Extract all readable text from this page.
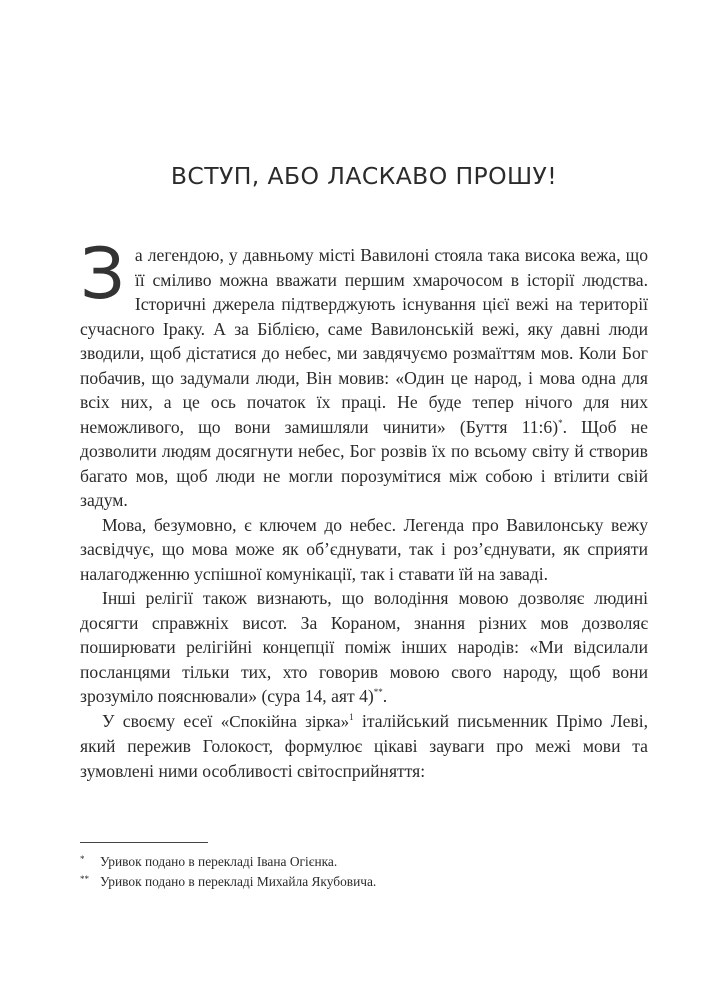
ВСТУП, АБО ЛАСКАВО ПРОШУ!

За легендою, у давньому місті Вавилоні стояла така висока вежа, що її сміливо можна вважати першим хмарочосом в історії людства. Історичні джерела підтверджують існування цієї вежі на території сучасного Іраку. А за Біблією, саме Вавилонській вежі, яку давні люди зводили, щоб дістатися до небес, ми завдячуємо розмаїттям мов. Коли Бог побачив, що задумали люди, Він мовив: «Один це народ, і мова одна для всіх них, а це ось початок їх праці. Не буде тепер нічого для них неможливого, що вони замишляли чинити» (Буття 11:6)*. Щоб не дозволити людям досягнути небес, Бог розвів їх по всьому світу й створив багато мов, щоб люди не могли порозумітися між собою і втілити свій задум.

Мова, безумовно, є ключем до небес. Легенда про Вавилонську вежу засвідчує, що мова може як об’єднувати, так і роз’єднувати, як сприяти налагодженню успішної комунікації, так і ставати їй на заваді.

Інші релігії також визнають, що володіння мовою дозволяє людині досягти справжніх висот. За Кораном, знання різних мов дозволяє поширювати релігійні концепції поміж інших народів: «Ми відсилали посланцями тільки тих, хто говорив мовою свого народу, щоб вони зрозуміло пояснювали» (сура 14, аят 4)**.

У своєму есеї «Спокійна зірка»$^1$ італійський письменник Прімо Леві, який пережив Голокост, формулює цікаві зауваги про межі мови та зумовлені ними особливості світосприйняття:

* Уривок подано в перекладі Івана Огієнка.

** Уривок подано в перекладі Михайла Якубовича.
